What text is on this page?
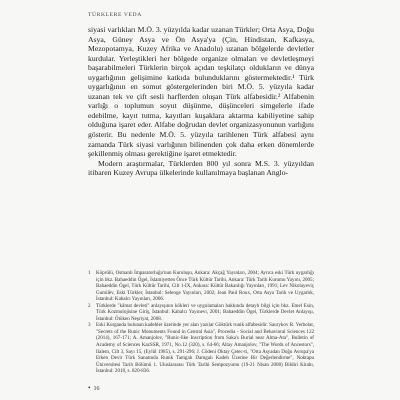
TÜRKLERE VEDA

siyasi varlıkları M.Ö. 3. yüzyılda kadar uzanan Türkler; Orta Asya, Doğu Asya, Güney Asya ve Ön Asya'ya (Çin, Hindistan, Kafkasya, Mezopotamya, Kuzey Afrika ve Anadolu) uzanan bölgelerde devletler kurdular. Yerleştikleri her bölgede organize olmaları ve devletleşmeyi başarabilmeleri Türklerin birçok açıdan teşkilatçı oldukların ve dünya uygarlığının gelişimine katkıda bulunduklarını göstermektedir.¹ Türk uygarlığının en somut göstergelerinden biri M.Ö. 5. yüzyıla kadar uzanan tek ve çift sesli harflerden oluşan Türk alfabesidir.² Alfabenin varlığı o toplumun soyut düşünme, düşünceleri simgelerle ifade edebilme, kayıt tutma, kayıtları kuşaklara aktarma kabiliyetine sahip olduğuna işaret eder. Alfabe doğrudan devlet organizasyonunun varlığını gösterir. Bu nedenle M.Ö. 5. yüzyıla tarihlenen Türk alfabesi aynı zamanda Türk siyasi varlığının bilinenden çok daha erken dönemlerde şekillenmiş olması gerektiğine işaret etmektedir.

Modern araştırmalar, Türklerden 800 yıl sonra M.S. 3. yüzyıldan itibaren Kuzey Avrupa ülkelerinde kullanılmaya başlanan Anglo-

1	Köprülü, Osmanlı İmparatorluğu'nun Kuruluşu, Ankara: Akçağ Yayınları, 2004; Ayrıca eski Türk uygarlığı için bkz. Bahaeddin Ögel, İslamiyetten Önce Türk Kültür Tarihi, Ankara: Türk Tarih Kurumu Yayını, 2005; Bahaeddin Ögel, Türk Kültür Tarihi, Cilt 1-IX, Ankara: Kültür Bakanlığı Yayınları, 1991; Lev Nikolayeviç Gumilëv, Eski Türkler, İstanbul: Selenge Yayınları, 2002; Jean Paul Roux, Orta Asya Tarih ve Uygarlık, İstanbul: Kabalcı Yayınları, 2006.
2	Türklerde "kâmat devleti" anlayışının kökleri ve uygulamaları hakkında detaylı bilgi için bkz. Emel Esin, Türk Kozmolojisine Giriş, İstanbul: Kabalcı Yayınevi, 2001; Bahaeddin Ögel, Türklerde Devlet Anlayışı, İstanbul: Ötüken Neşriyat, 2008.
3	Eski Kurganda bulunan kadehler üzerinde yer alan yazılar Göktürk runik alfabesidir. Saurykov R. Yerbolat, "Secrets of the Runic Monuments Found in Central Asia", Procedia - Social and Behavioral Sciences 122 (2014), 167-171; A. Amanjolov, "Runic-like Inscription from Saka's Burial near Alma-Ata", Bulletin of Academy of Sciences KazSSR, 1971, No.12 (320), s. 64-66; Altay Amanjolov, "The Words of Ancestors", Ilalem, Cilt 3, Sayı 15, (Eylül 1985), s. 291-296; J. Cödeni Oktay Çetec-ti, "Orta Asyadan Doğu Avrupa'ya Erken Devir Türk Sanatında Runik Tamgalı Damgalı Kadeh Üzerine Bir Değerlendirme", Noktapu Üniversitesi Tarih Bölümü 1. Uluslararası Türk Tarihi Sempozyumu (19-21 Nisan 2008) Bildiri Kitabı, İstanbul: 2018, s. 820-836.
• 16
